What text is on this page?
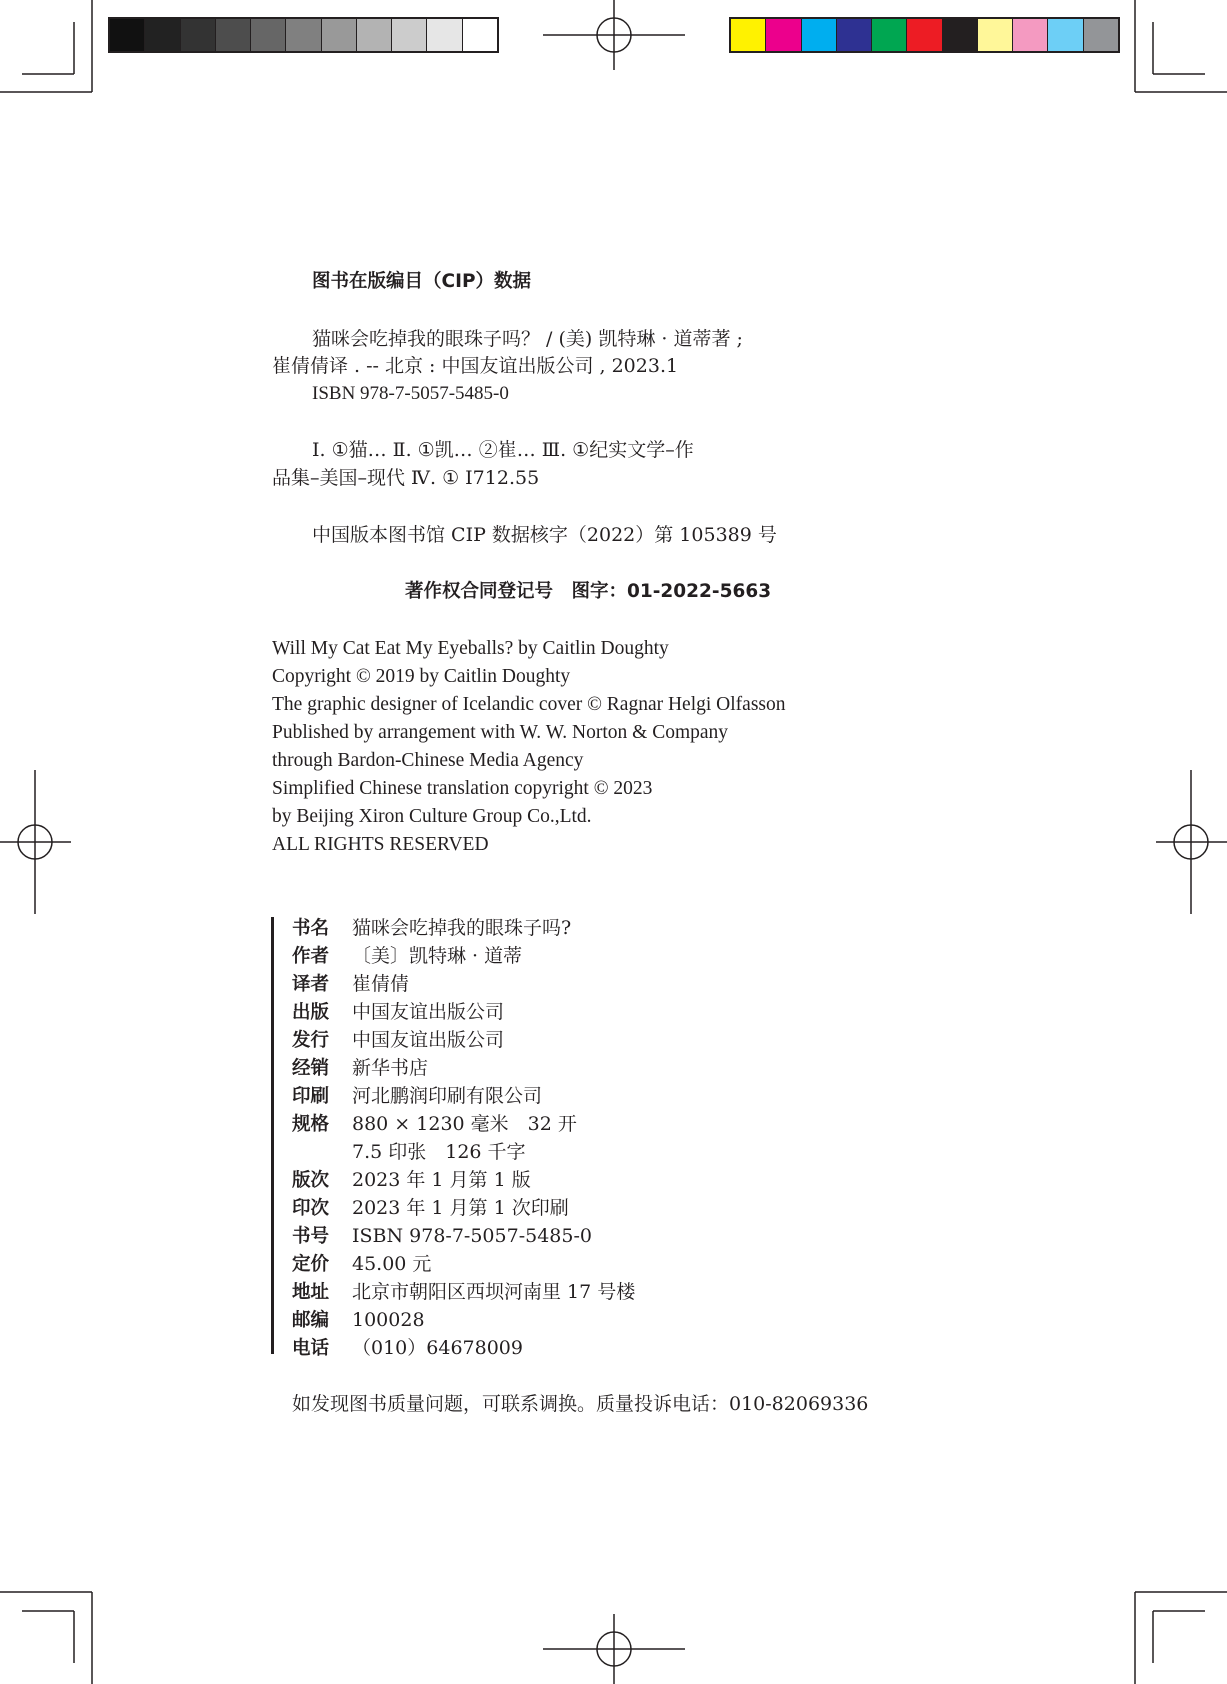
图书在版编目（CIP）数据
猫咪会吃掉我的眼珠子吗？ / (美) 凯特琳 · 道蒂著 ;
崔倩倩译 . -- 北京 : 中国友谊出版公司 , 2023.1
ISBN 978-7-5057-5485-0
Ⅰ. ①猫… Ⅱ. ①凯… ②崔… Ⅲ. ①纪实文学–作
品集–美国–现代 Ⅳ. ① I712.55
中国版本图书馆 CIP 数据核字（2022）第 105389 号
著作权合同登记号　图字：01-2022-5663
Will My Cat Eat My Eyeballs? by Caitlin Doughty
Copyright © 2019 by Caitlin Doughty
The graphic designer of Icelandic cover © Ragnar Helgi Olfasson
Published by arrangement with W. W. Norton & Company
through Bardon-Chinese Media Agency
Simplified Chinese translation copyright © 2023
by Beijing Xiron Culture Group Co.,Ltd.
ALL RIGHTS RESERVED
书名 猫咪会吃掉我的眼珠子吗?
作者 〔美〕凯特琳 · 道蒂
译者 崔倩倩
出版 中国友谊出版公司
发行 中国友谊出版公司
经销 新华书店
印刷 河北鹏润印刷有限公司
规格 880 × 1230 毫米　32 开
7.5 印张　126 千字
版次 2023 年 1 月第 1 版
印次 2023 年 1 月第 1 次印刷
书号 ISBN 978-7-5057-5485-0
定价 45.00 元
地址 北京市朝阳区西坝河南里 17 号楼
邮编 100028
电话 （010）64678009
如发现图书质量问题，可联系调换。质量投诉电话：010-82069336
